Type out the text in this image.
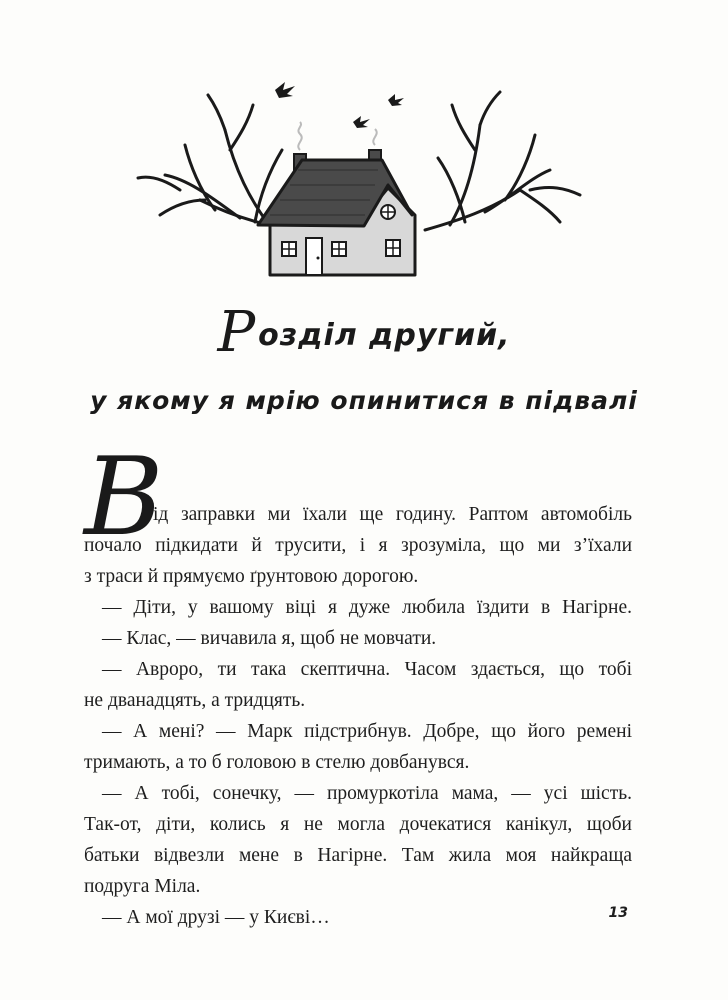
Розділ другий,
у якому я мрію опинитися в підвалі
В

ід заправки ми їхали ще годину. Раптом автомобіль

почало підкидати й трусити, і я зрозуміла, що ми з’їхали

з траси й прямуємо ґрунтовою дорогою.

— Діти, у вашому віці я дуже любила їздити в Нагірне.

— Клас, — вичавила я, щоб не мовчати.

— Авроро, ти така скептична. Часом здається, що тобі

не дванадцять, а тридцять.

— А мені? — Марк підстрибнув. Добре, що його ремені

тримають, а то б головою в стелю довбанувся.

— А тобі, сонечку, — промуркотіла мама, — усі шість.

Так-от, діти, колись я не могла дочекатися канікул, щоби

батьки відвезли мене в Нагірне. Там жила моя найкраща

подруга Міла.

— А мої друзі — у Києві…	13
